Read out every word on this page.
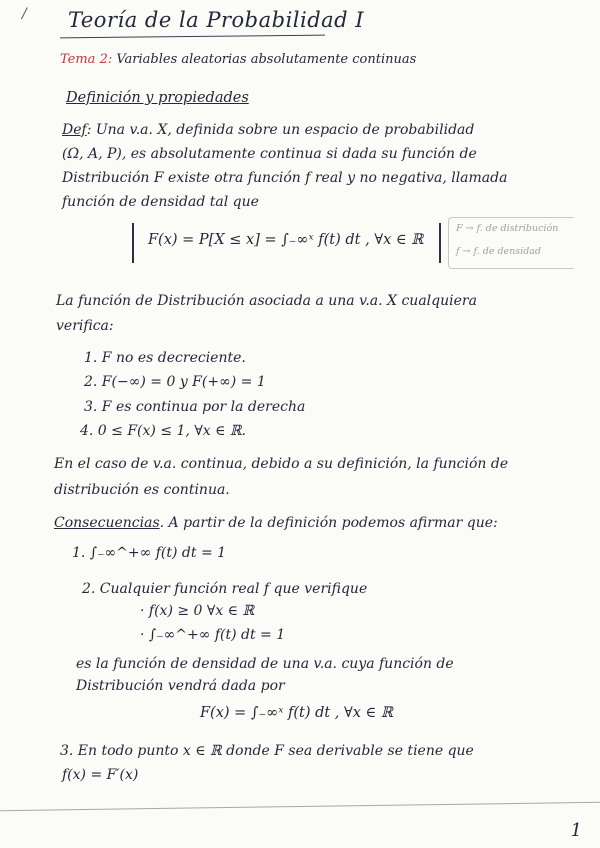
/ Teoría de la Probabilidad I
Tema 2: Variables aleatorias absolutamente continuas
Definición y propiedades
Def: Una v.a. X, definida sobre un espacio de probabilidad
(Ω, A, P), es absolutamente continua si dada su función de
Distribución F existe otra función f real y no negativa, llamada
función de densidad tal que
F(x) = P[X ≤ x] = ∫₋∞ˣ f(t) dt , ∀x ∈ ℝ
F → f. de distribución
f → f. de densidad
La función de Distribución asociada a una v.a. X cualquiera
verifica:
1. F no es decreciente.
2. F(−∞) = 0 y F(+∞) = 1
3. F es continua por la derecha
4. 0 ≤ F(x) ≤ 1, ∀x ∈ ℝ.
En el caso de v.a. continua, debido a su definición, la función de
distribución es continua.
Consecuencias. A partir de la definición podemos afirmar que:
1. ∫₋∞^+∞ f(t) dt = 1
2. Cualquier función real f que verifique
· f(x) ≥ 0 ∀x ∈ ℝ
· ∫₋∞^+∞ f(t) dt = 1
es la función de densidad de una v.a. cuya función de
Distribución vendrá dada por
F(x) = ∫₋∞ˣ f(t) dt , ∀x ∈ ℝ
3. En todo punto x ∈ ℝ donde F sea derivable se tiene que
f(x) = F′(x)
1
